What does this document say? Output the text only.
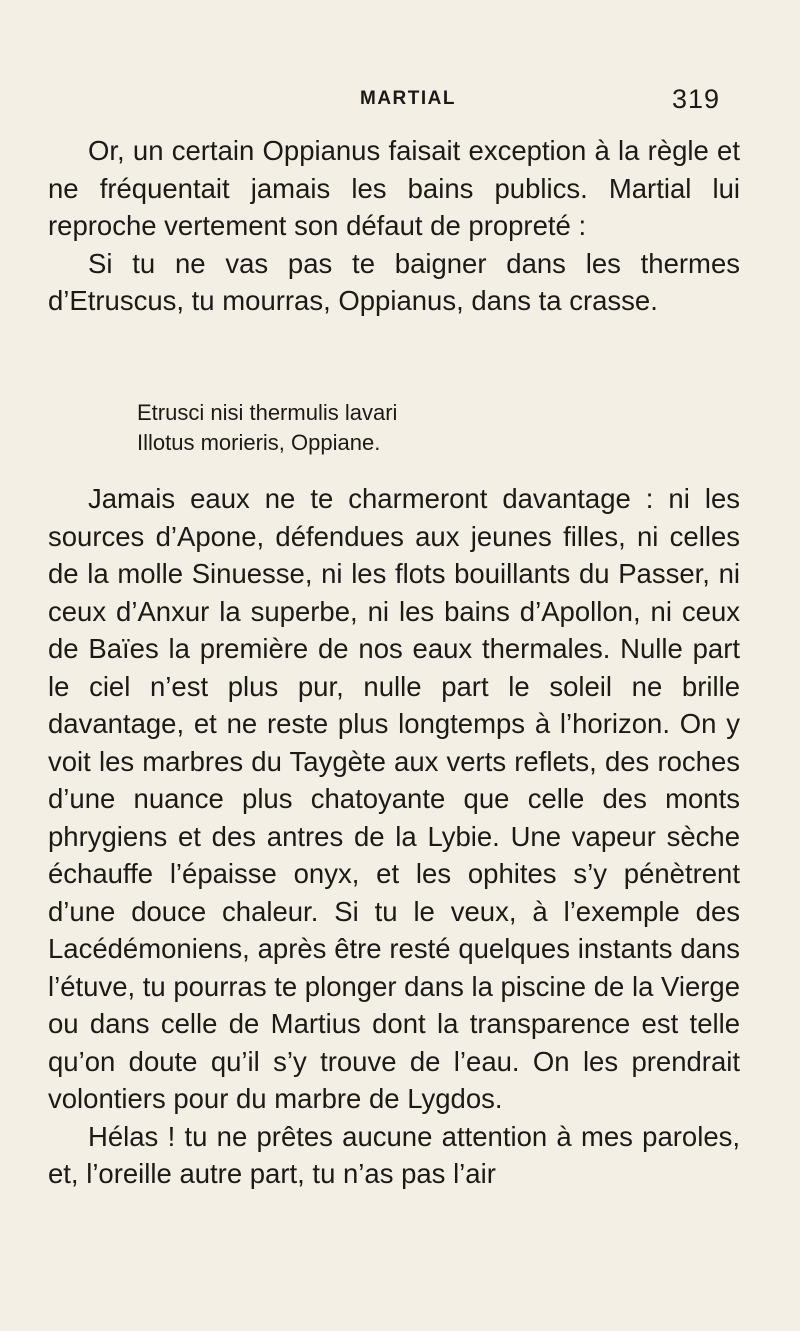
MARTIAL	319

Or, un certain Oppianus faisait exception à la règle et ne fréquentait jamais les bains publics. Martial lui reproche vertement son défaut de propreté :

Si tu ne vas pas te baigner dans les thermes d’Etruscus, tu mourras, Oppianus, dans ta crasse.

Etrusci nisi thermulis lavari
Illotus morieris, Oppiane.

Jamais eaux ne te charmeront davantage : ni les sources d’Apone, défendues aux jeunes filles, ni celles de la molle Sinuesse, ni les flots bouillants du Passer, ni ceux d’Anxur la superbe, ni les bains d’Apollon, ni ceux de Baïes la première de nos eaux thermales. Nulle part le ciel n’est plus pur, nulle part le soleil ne brille davantage, et ne reste plus longtemps à l’horizon. On y voit les marbres du Taygète aux verts reflets, des roches d’une nuance plus chatoyante que celle des monts phrygiens et des antres de la Lybie. Une vapeur sèche échauffe l’épaisse onyx, et les ophites s’y pénètrent d’une douce chaleur. Si tu le veux, à l’exemple des Lacédémoniens, après être resté quelques instants dans l’étuve, tu pourras te plonger dans la piscine de la Vierge ou dans celle de Martius dont la transparence est telle qu’on doute qu’il s’y trouve de l’eau. On les prendrait volontiers pour du marbre de Lygdos.

Hélas ! tu ne prêtes aucune attention à mes paroles, et, l’oreille autre part, tu n’as pas l’air
